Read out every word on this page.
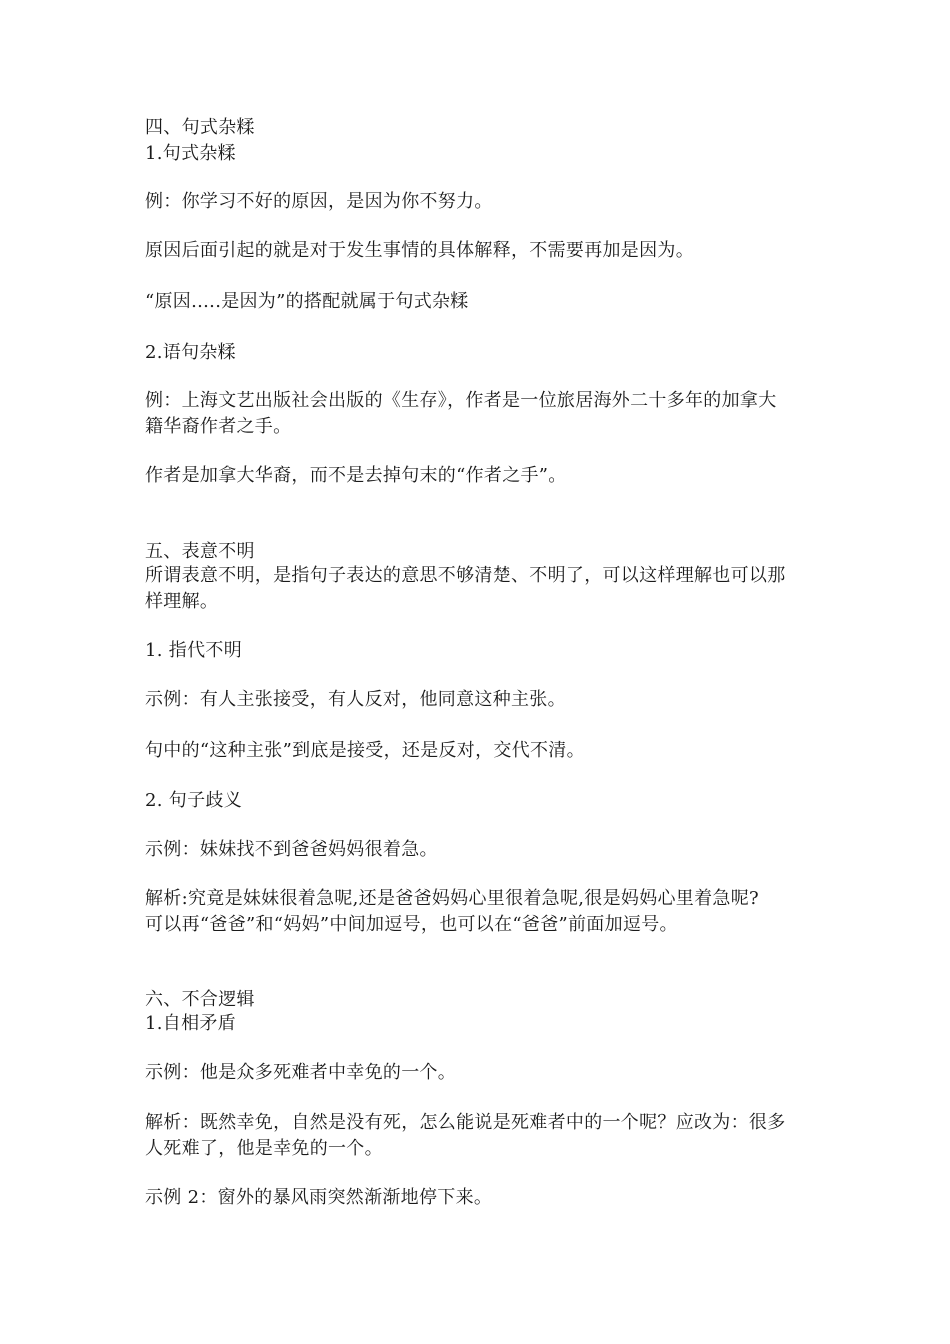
四、句式杂糅
1.句式杂糅
例：你学习不好的原因，是因为你不努力。
原因后面引起的就是对于发生事情的具体解释，不需要再加是因为。
“原因.....是因为”的搭配就属于句式杂糅
2.语句杂糅
例：上海文艺出版社会出版的《生存》，作者是一位旅居海外二十多年的加拿大
籍华裔作者之手。
作者是加拿大华裔，而不是去掉句末的“作者之手”。
五、表意不明
所谓表意不明，是指句子表达的意思不够清楚、不明了，可以这样理解也可以那
样理解。
1. 指代不明
示例：有人主张接受，有人反对，他同意这种主张。
句中的“这种主张”到底是接受，还是反对，交代不清。
2. 句子歧义
示例：妹妹找不到爸爸妈妈很着急。
解析:究竟是妹妹很着急呢,还是爸爸妈妈心里很着急呢,很是妈妈心里着急呢?
可以再“爸爸”和“妈妈”中间加逗号，也可以在“爸爸”前面加逗号。
六、不合逻辑
1.自相矛盾
示例：他是众多死难者中幸免的一个。
解析：既然幸免，自然是没有死，怎么能说是死难者中的一个呢？应改为：很多
人死难了，他是幸免的一个。
示例 2：窗外的暴风雨突然渐渐地停下来。
